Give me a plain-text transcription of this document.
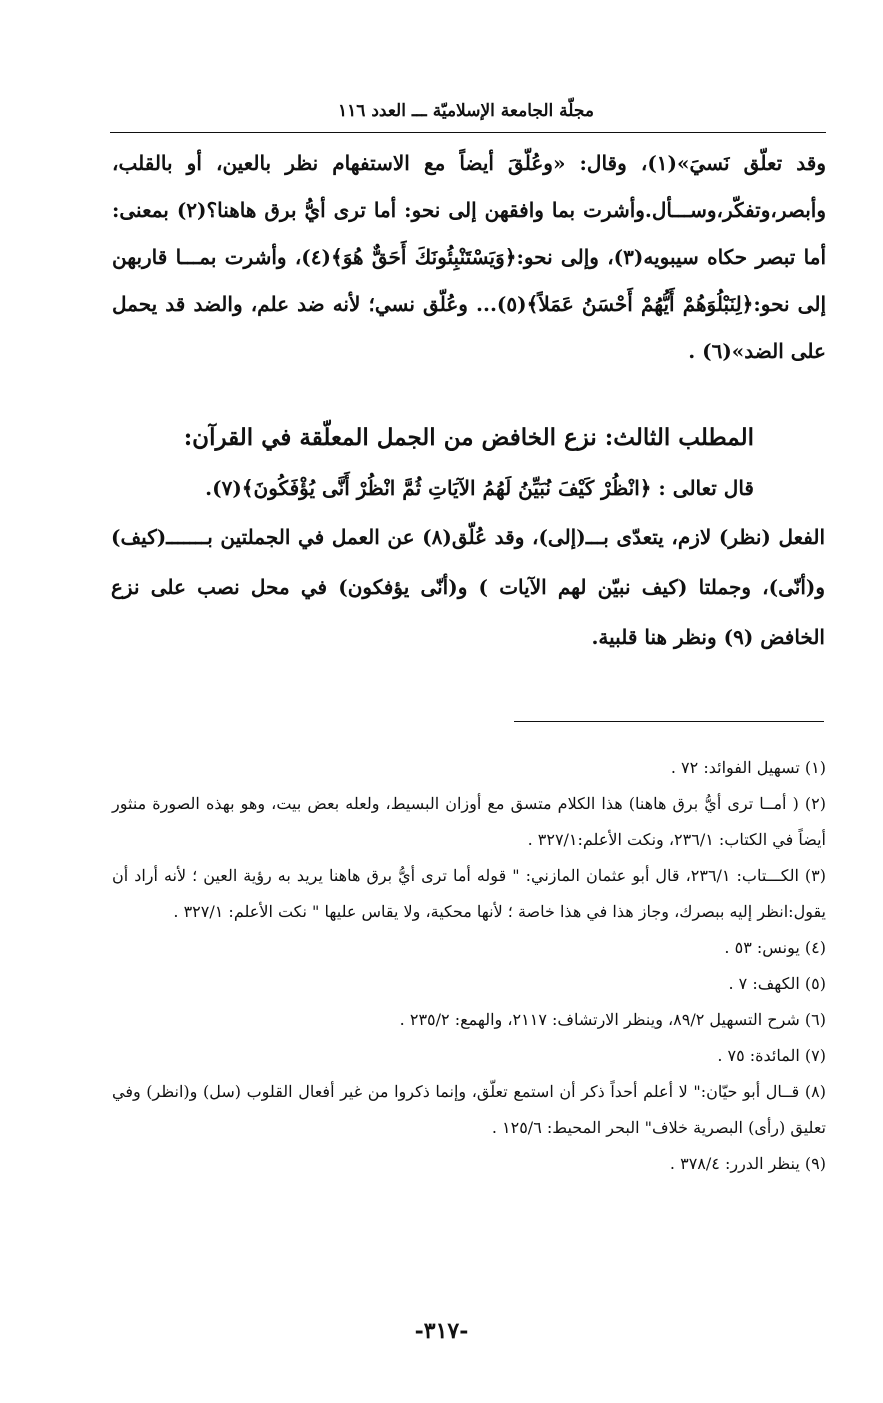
مجلّة الجامعة الإسلاميّة ـــ العدد ١١٦
وقد تعلّق نَسيَ»(١)، وقال: «وعُلّقَ أيضاً مع الاستفهام نظر بالعين، أو بالقلب، وأبصر،وتفكّر،وســـأل.وأشرت بما وافقهن إلى نحو: أما ترى أيُّ برق هاهنا؟(٢) بمعنى: أما تبصر حكاه سيبويه(٣)، وإلى نحو:﴿وَيَسْتَنْبِئُونَكَ أَحَقٌّ هُوَ﴾(٤)، وأشرت بمـــا قاربهن إلى نحو:﴿لِنَبْلُوَهُمْ أَيُّهُمْ أَحْسَنُ عَمَلاً﴾(٥)... وعُلّق نسي؛ لأنه ضد علم، والضد قد يحمل على الضد»(٦) .
المطلب الثالث: نزع الخافض من الجمل المعلّقة في القرآن:
قال تعالى : ﴿انْظُرْ كَيْفَ نُبَيِّنُ لَهُمُ الآيَاتِ ثُمَّ انْظُرْ أَنَّى يُؤْفَكُونَ﴾(٧).
الفعل (نظر) لازم، يتعدّى بـــ(إلى)، وقد عُلّق(٨) عن العمل في الجملتين بـــــــ(كيف) و(أنّى)، وجملتا (كيف نبيّن لهم الآيات ) و(أنّى يؤفكون) في محل نصب على نزع الخافض (٩) ونظر هنا قلبية.

(١) تسهيل الفوائد: ٧٢ .

(٢) ( أمــا ترى أيُّ برق هاهنا) هذا الكلام متسق مع أوزان البسيط، ولعله بعض بيت، وهو بهذه الصورة منثور أيضاً في الكتاب: ٢٣٦/١، ونكت الأعلم:٣٢٧/١ .

(٣) الكـــتاب: ٢٣٦/١، قال أبو عثمان المازني: " قوله أما ترى أيُّ برق هاهنا يريد به رؤية العين ؛ لأنه أراد أن يقول:انظر إليه ببصرك، وجاز هذا في هذا خاصة ؛ لأنها محكية، ولا يقاس عليها " نكت الأعلم: ٣٢٧/١ .

(٤) يونس: ٥٣ .

(٥) الكهف: ٧ .

(٦) شرح التسهيل ٨٩/٢، وينظر الارتشاف: ٢١١٧، والهمع: ٢٣٥/٢ .

(٧) المائدة: ٧٥ .

(٨) قــال أبو حيّان:" لا أعلم أحداً ذكر أن استمع تعلّق، وإنما ذكروا من غير أفعال القلوب (سل) و(انظر) وفي تعليق (رأى) البصرية خلاف" البحر المحيط: ١٢٥/٦ .

(٩) ينظر الدرر: ٣٧٨/٤ .

-٣١٧-
